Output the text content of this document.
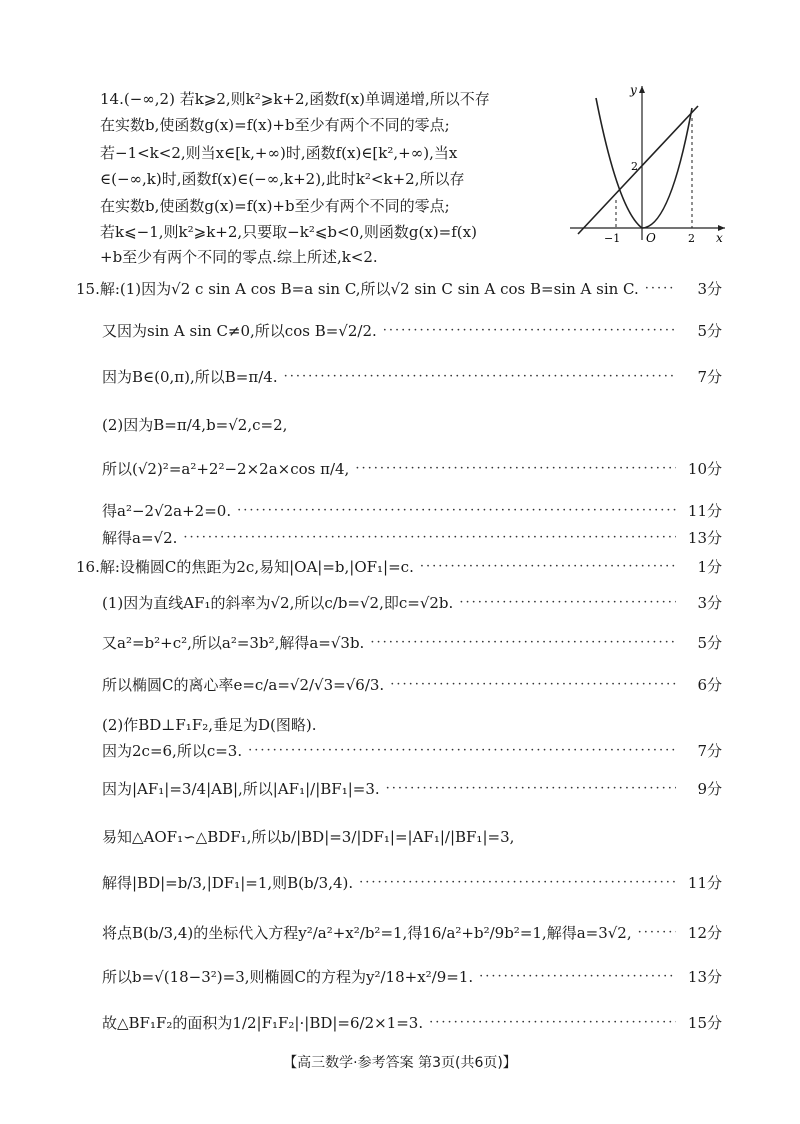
14.(−∞,2) 若k⩾2,则k²⩾k+2,函数f(x)单调递增,所以不存
在实数b,使函数g(x)=f(x)+b至少有两个不同的零点;
若−1<k<2,则当x∈[k,+∞)时,函数f(x)∈[k²,+∞),当x
∈(−∞,k)时,函数f(x)∈(−∞,k+2),此时k²<k+2,所以存
在实数b,使函数g(x)=f(x)+b至少有两个不同的零点;
若k⩽−1,则k²⩾k+2,只要取−k²⩽b<0,则函数g(x)=f(x)
+b至少有两个不同的零点.综上所述,k<2.
y
x
O
−1	2
2
15.解:(1)因为√2 c sin A cos B=a sin C,所以√2 sin C sin A cos B=sin A sin C. ·····	3分
又因为sin A sin C≠0,所以cos B=√2/2. ·····	5分
因为B∈(0,π),所以B=π/4. ·····	7分
(2)因为B=π/4,b=√2,c=2,
所以(√2)²=a²+2²−2×2a×cos π/4, ·····	10分
得a²−2√2a+2=0. ·····	11分
解得a=√2. ·····	13分
16.解:设椭圆C的焦距为2c,易知|OA|=b,|OF₁|=c. ·····	1分
(1)因为直线AF₁的斜率为√2,所以c/b=√2,即c=√2b. ·····	3分
又a²=b²+c²,所以a²=3b²,解得a=√3b. ·····	5分
所以椭圆C的离心率e=c/a=√2/√3=√6/3. ·····	6分
(2)作BD⊥F₁F₂,垂足为D(图略).
因为2c=6,所以c=3. ·····	7分
因为|AF₁|=3/4|AB|,所以|AF₁|/|BF₁|=3. ·····	9分
易知△AOF₁∽△BDF₁,所以b/|BD|=3/|DF₁|=|AF₁|/|BF₁|=3,
解得|BD|=b/3,|DF₁|=1,则B(b/3,4). ·····	11分
将点B(b/3,4)的坐标代入方程y²/a²+x²/b²=1,得16/a²+b²/9b²=1,解得a=3√2, ·····	12分
所以b=√(18−3²)=3,则椭圆C的方程为y²/18+x²/9=1. ·····	13分
故△BF₁F₂的面积为1/2|F₁F₂|·|BD|=6/2×1=3. ·····	15分
【高三数学·参考答案 第3页(共6页)】
